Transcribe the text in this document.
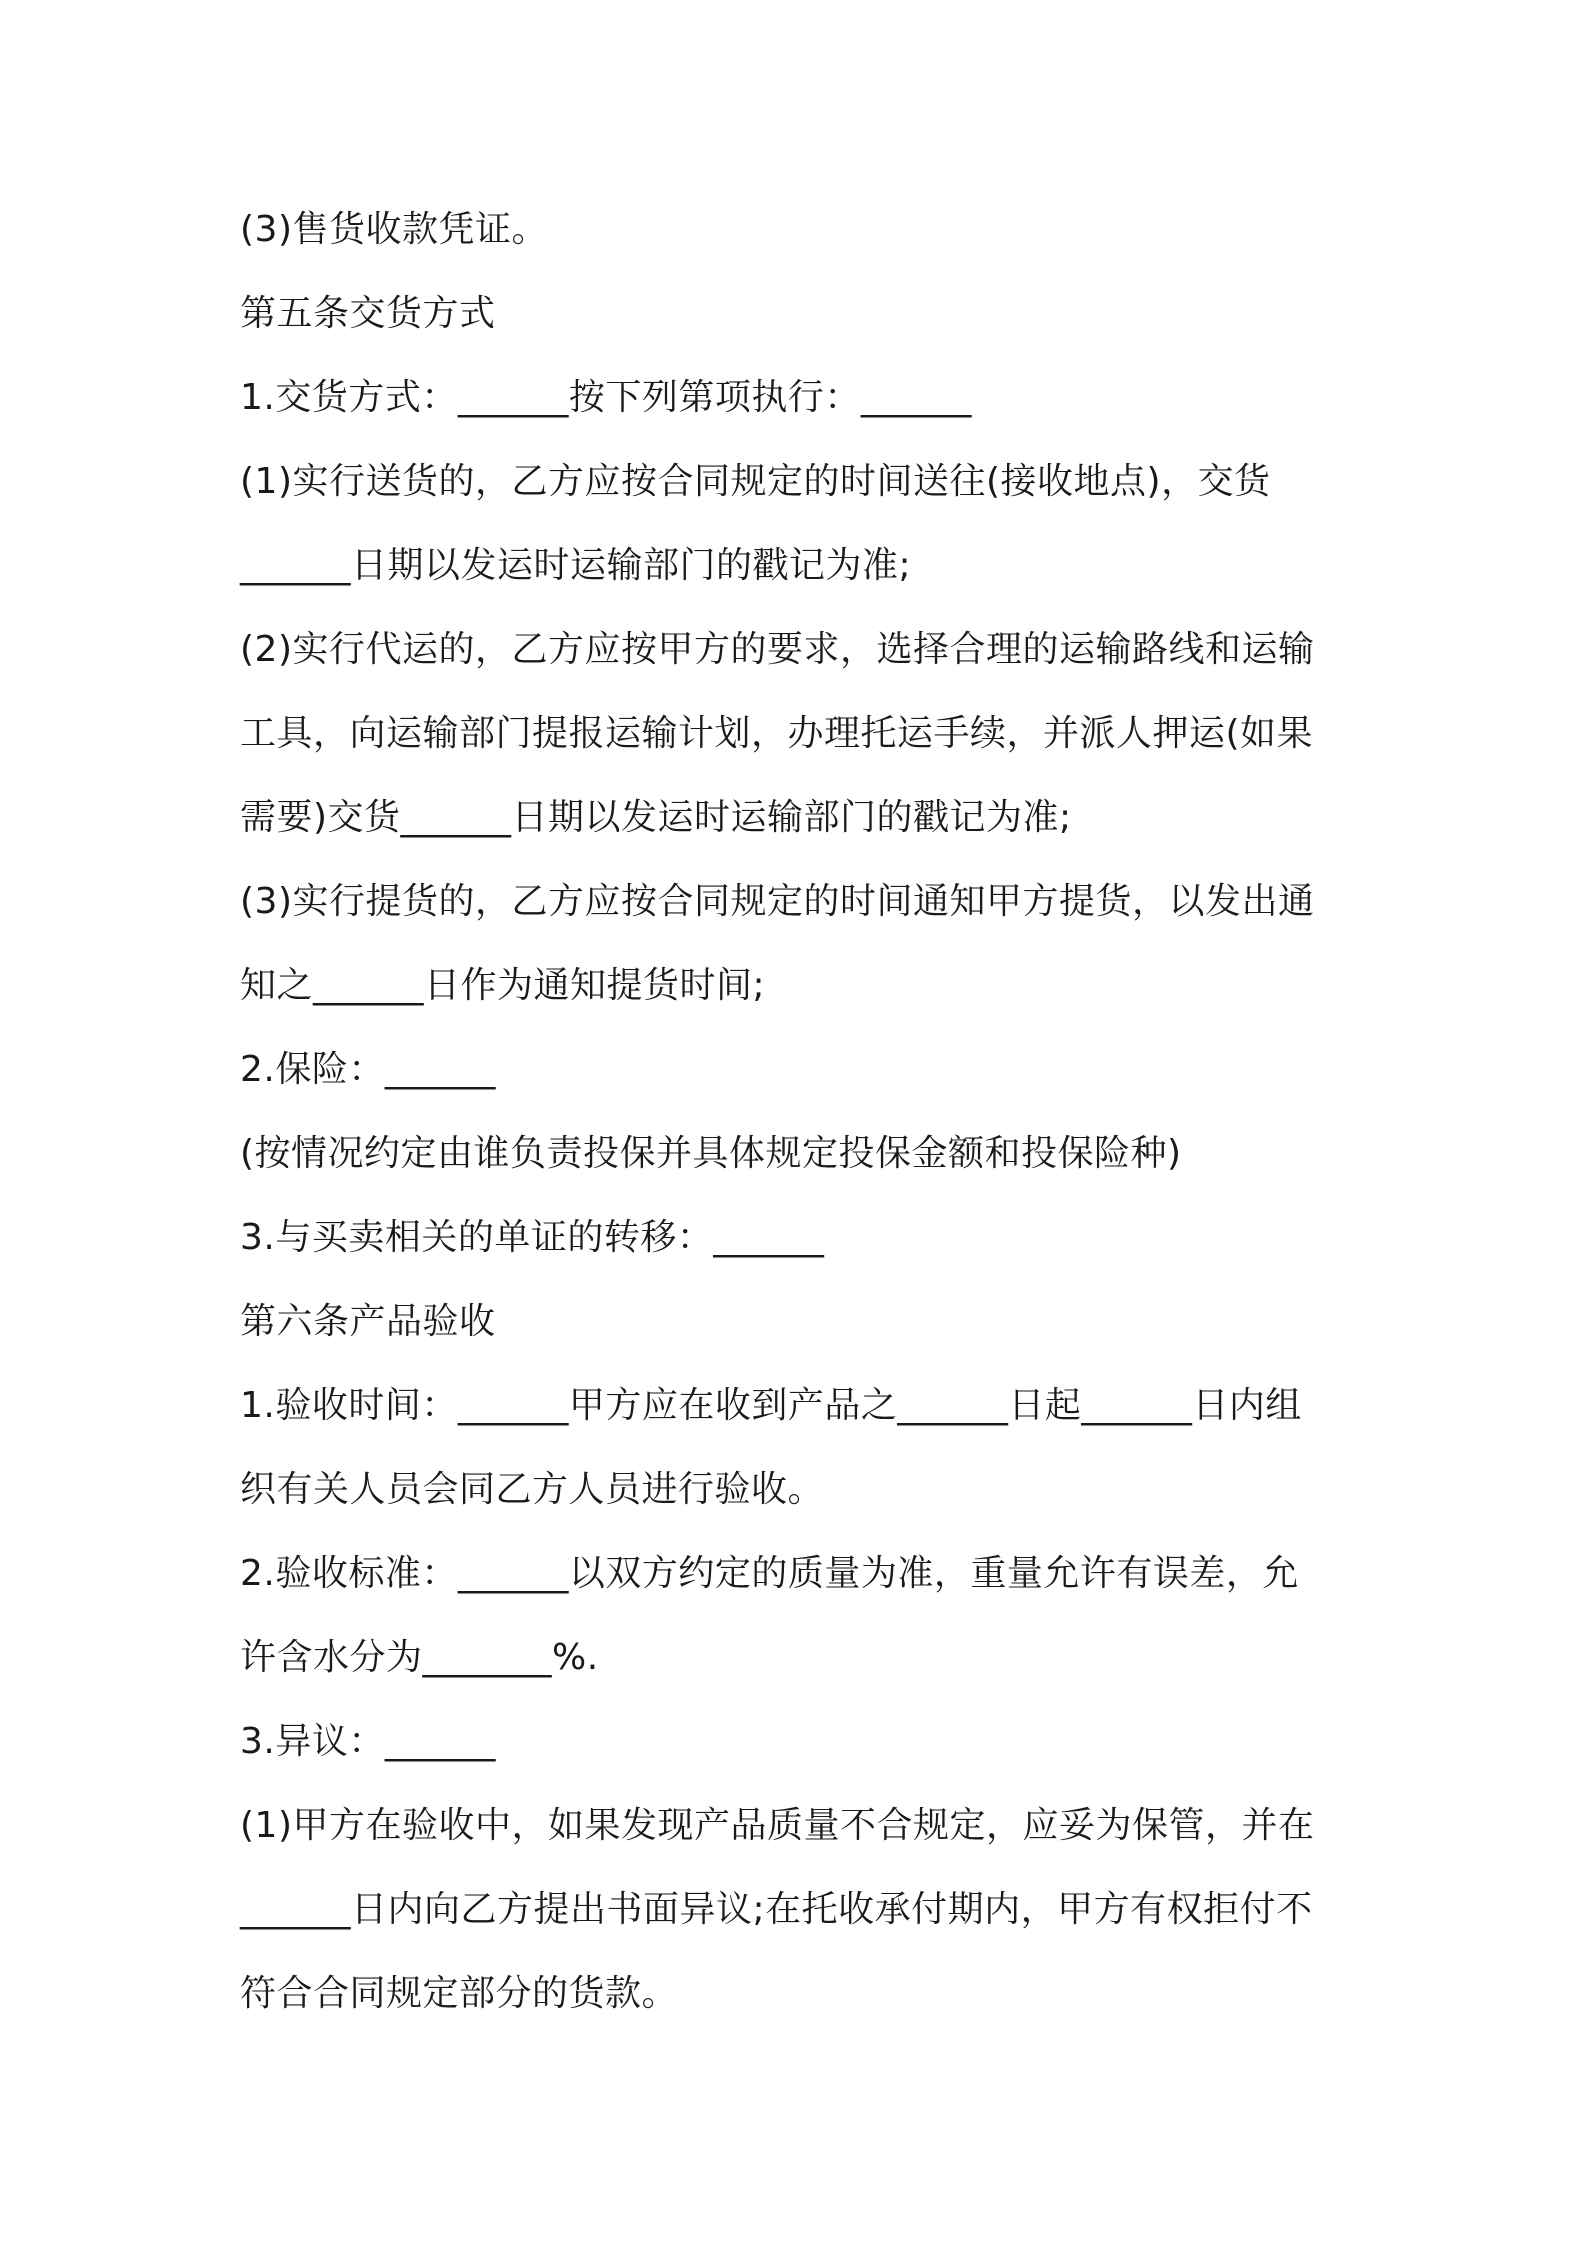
(3)售货收款凭证。
第五条交货方式
1.交货方式：______按下列第项执行：______
(1)实行送货的，乙方应按合同规定的时间送往(接收地点)，交货
______日期以发运时运输部门的戳记为准;
(2)实行代运的，乙方应按甲方的要求，选择合理的运输路线和运输
工具，向运输部门提报运输计划，办理托运手续，并派人押运(如果
需要)交货______日期以发运时运输部门的戳记为准;
(3)实行提货的，乙方应按合同规定的时间通知甲方提货，以发出通
知之______日作为通知提货时间;
2.保险：______
(按情况约定由谁负责投保并具体规定投保金额和投保险种)
3.与买卖相关的单证的转移：______
第六条产品验收
1.验收时间：______甲方应在收到产品之______日起______日内组
织有关人员会同乙方人员进行验收。
2.验收标准：______以双方约定的质量为准，重量允许有误差，允
许含水分为_______%.
3.异议：______
(1)甲方在验收中，如果发现产品质量不合规定，应妥为保管，并在
______日内向乙方提出书面异议;在托收承付期内，甲方有权拒付不
符合合同规定部分的货款。
